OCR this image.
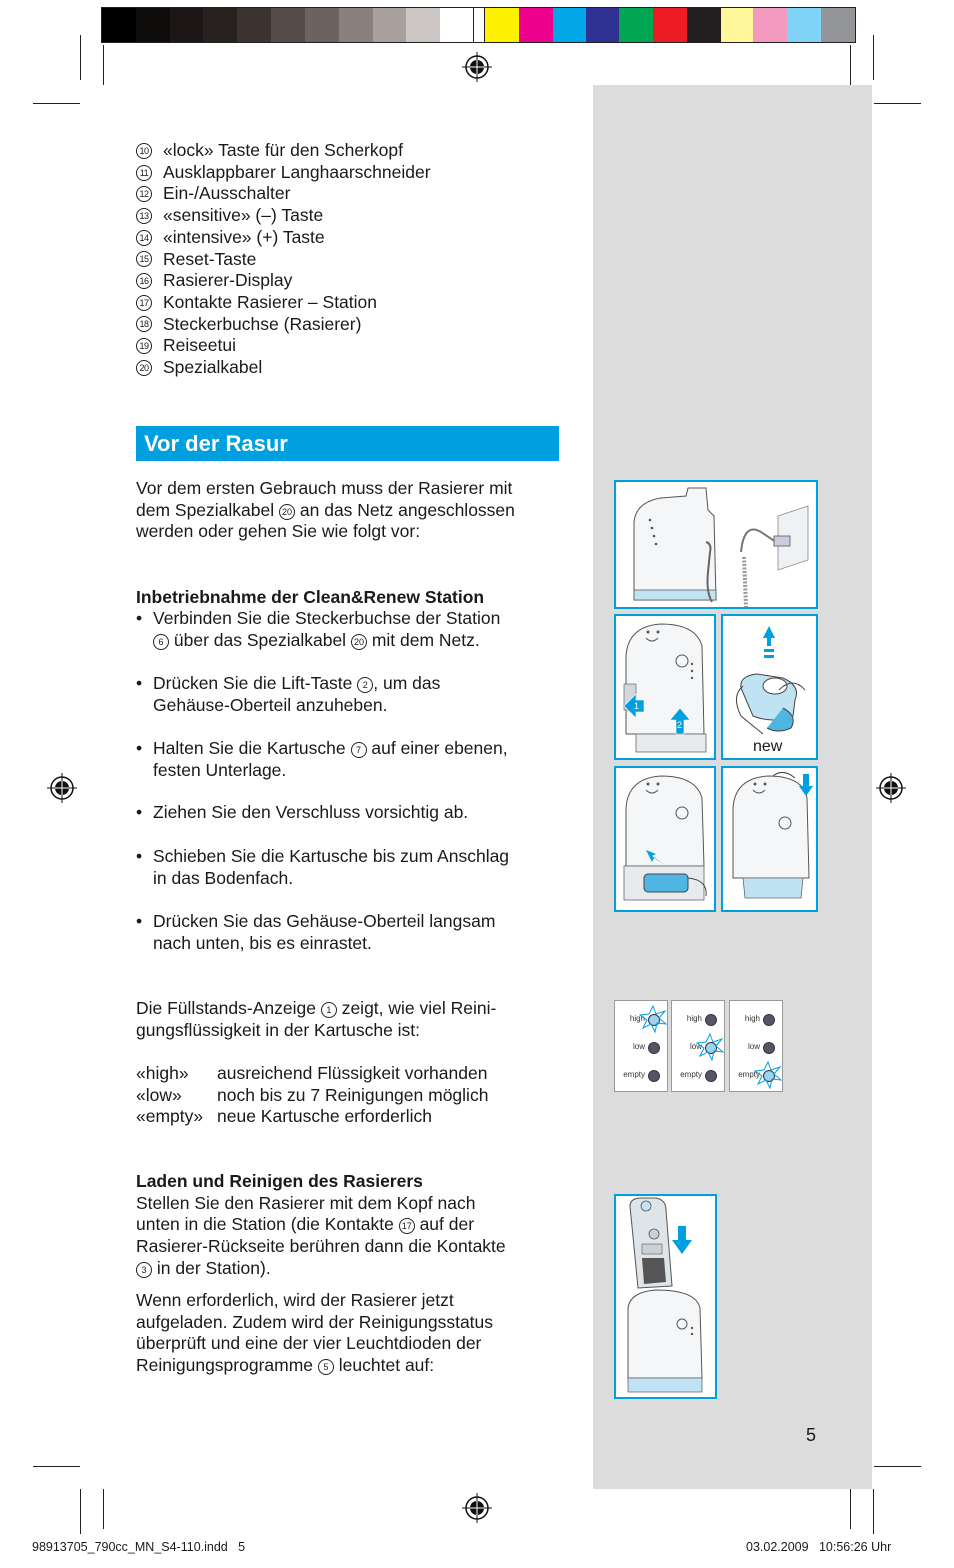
10 «lock» Taste für den Scherkopf
11 Ausklappbarer Langhaarschneider
12 Ein-/Ausschalter
13 «sensitive» (–) Taste
14 «intensive» (+) Taste
15 Reset-Taste
16 Rasierer-Display
17 Kontakte Rasierer – Station
18 Steckerbuchse (Rasierer)
19 Reiseetui
20 Spezialkabel
Vor der Rasur
Vor dem ersten Gebrauch muss der Rasierer mit
dem Spezialkabel 20 an das Netz angeschlossen
werden oder gehen Sie wie folgt vor:
Inbetriebnahme der Clean&Renew Station
• Verbinden Sie die Steckerbuchse der Station
6 über das Spezialkabel 20 mit dem Netz.
• Drücken Sie die Lift-Taste 2 , um das
Gehäuse-Oberteil anzuheben.
• Halten Sie die Kartusche 7 auf einer ebenen,
festen Unterlage.
• Ziehen Sie den Verschluss vorsichtig ab.
• Schieben Sie die Kartusche bis zum Anschlag
in das Bodenfach.
• Drücken Sie das Gehäuse-Oberteil langsam
nach unten, bis es einrastet.
Die Füllstands-Anzeige 1 zeigt, wie viel Reini-
gungsflüssigkeit in der Kartusche ist:
«high»	ausreichend Flüssigkeit vorhanden
«low»	noch bis zu 7 Reinigungen möglich
«empty» neue Kartusche erforderlich
Laden und Reinigen des Rasierers
Stellen Sie den Rasierer mit dem Kopf nach
unten in die Station (die Kontakte 17 auf der
Rasierer-Rückseite berühren dann die Kontakte
3 in der Station).
Wenn erforderlich, wird der Rasierer jetzt
aufgeladen. Zudem wird der Reinigungsstatus
überprüft und eine der vier Leuchtdioden der
Reinigungsprogramme 5 leuchtet auf:
1
2
new
high
low
empty
high
low
empty
high
low
empty
5
98913705_790cc_MN_S4-110.indd   5	03.02.2009   10:56:26 Uhr
